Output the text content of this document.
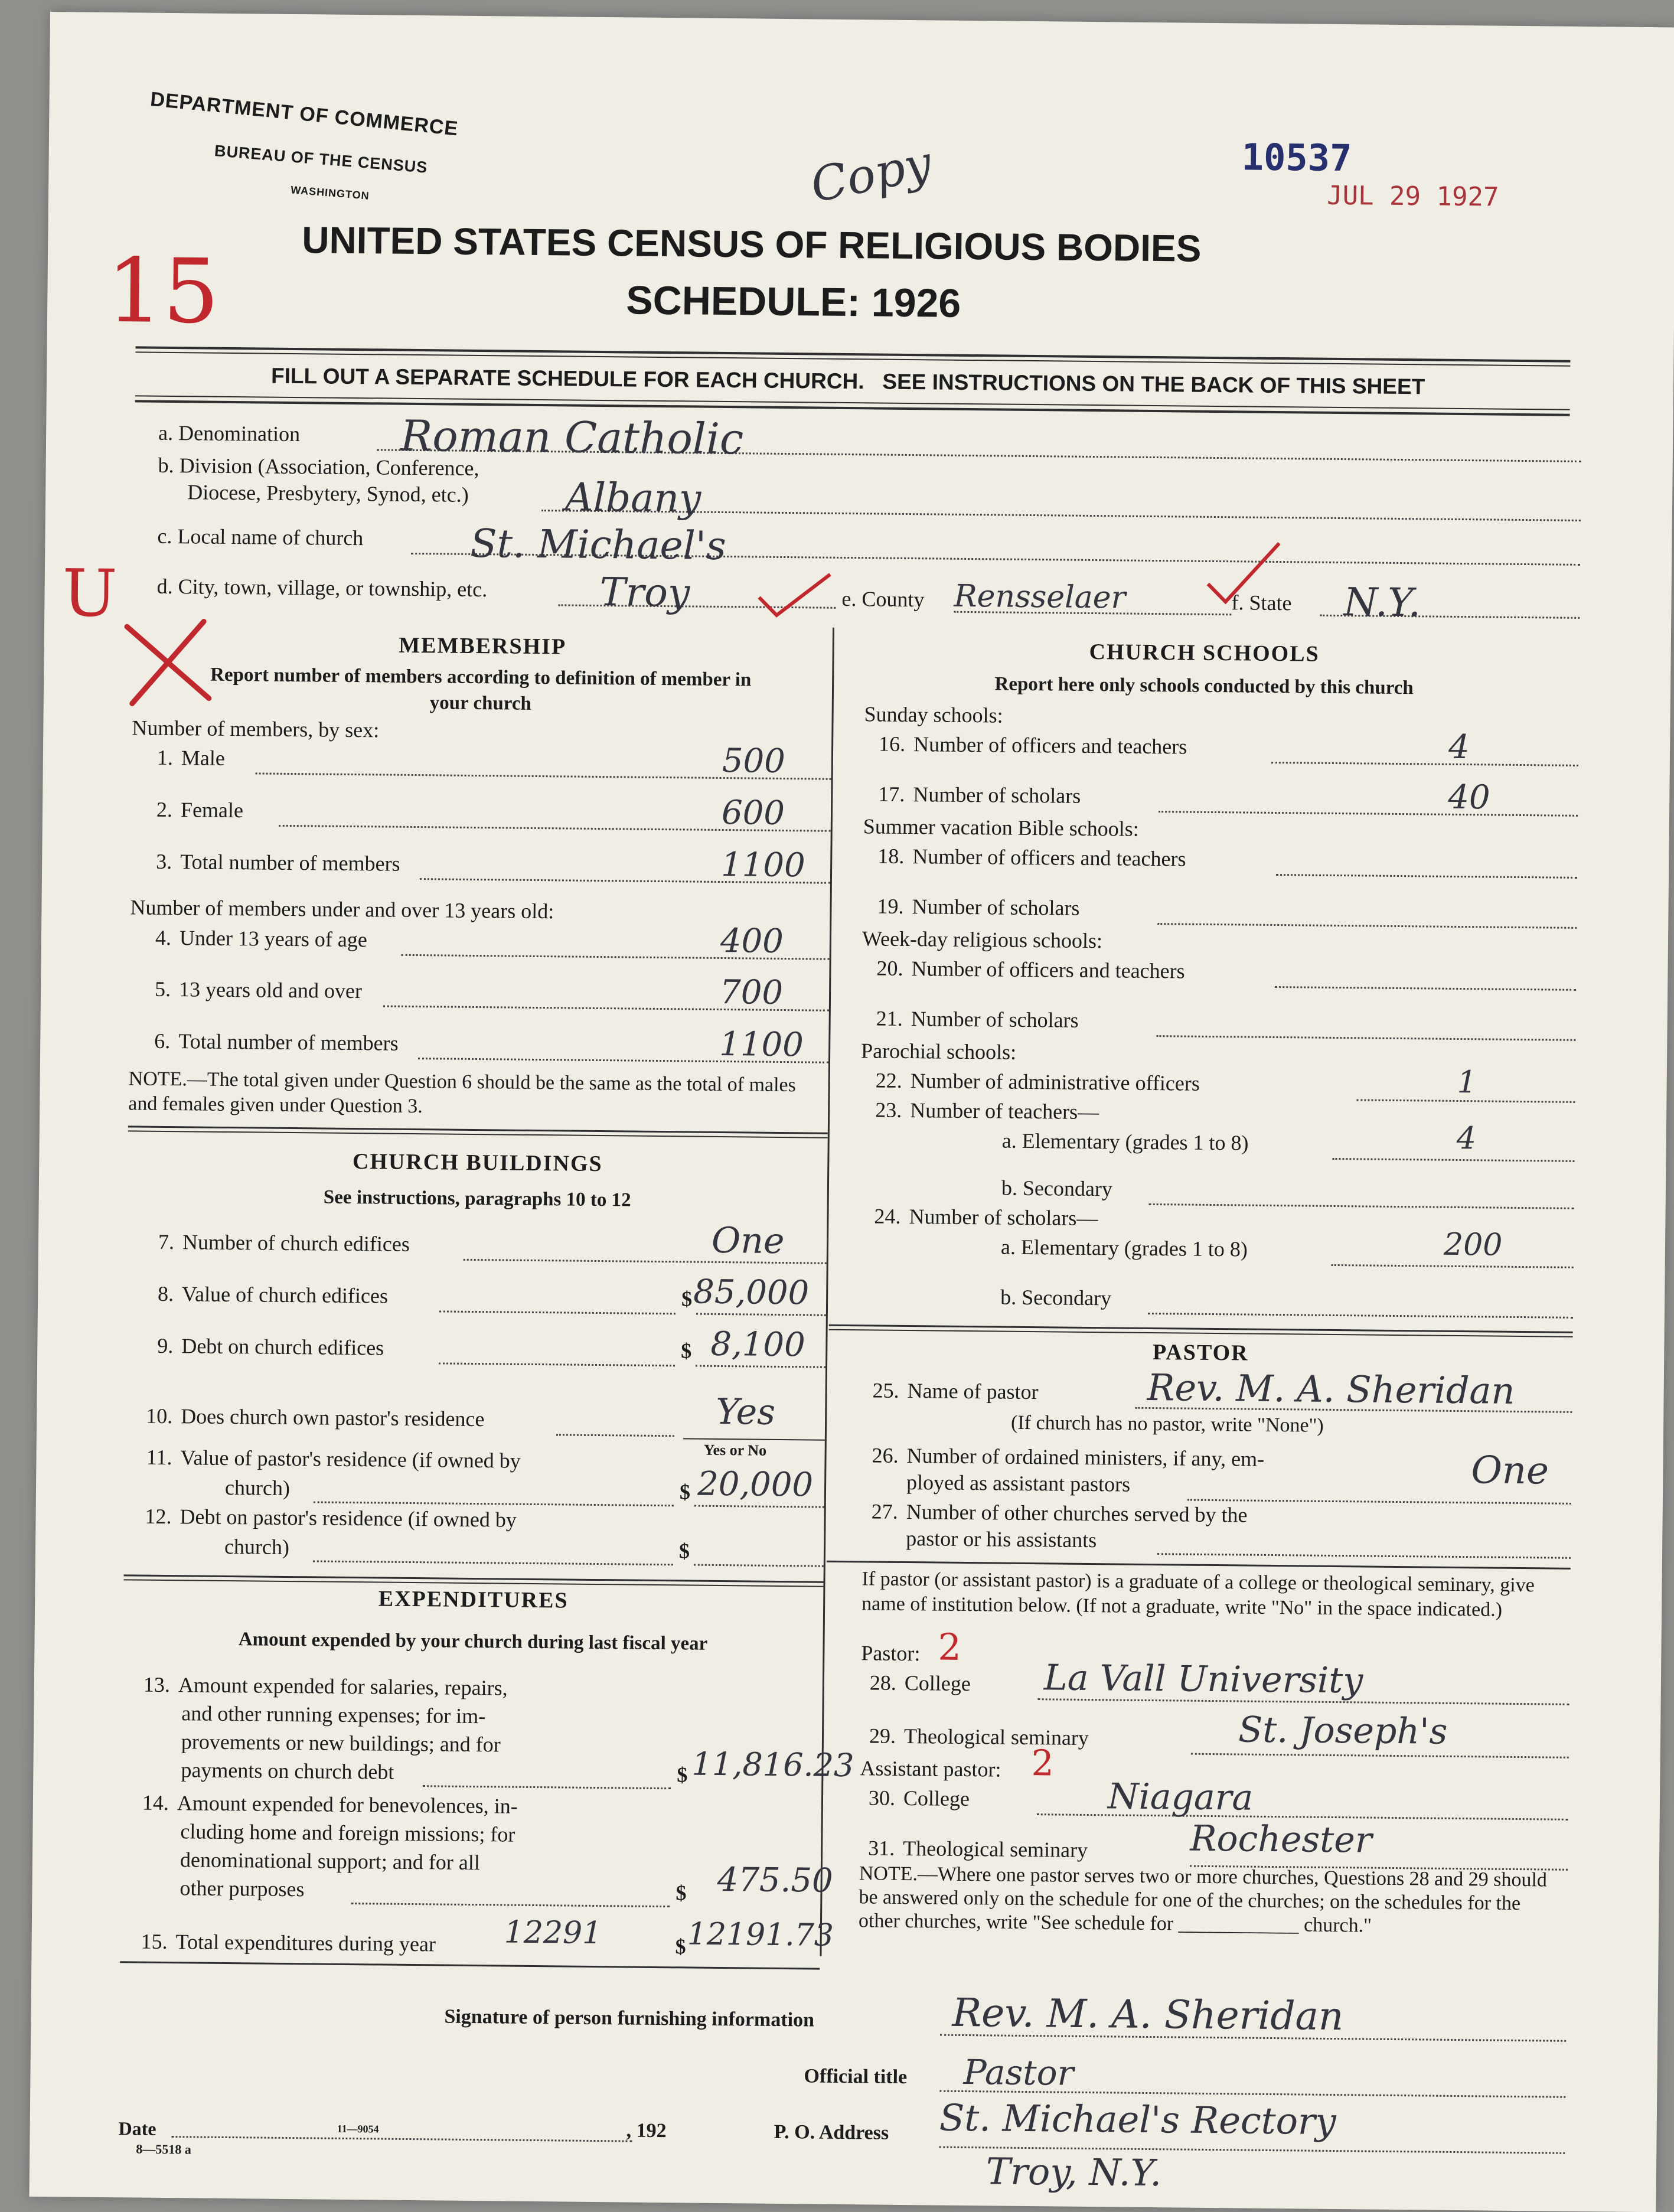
DEPARTMENT OF COMMERCE
BUREAU OF THE CENSUS
WASHINGTON
UNITED STATES CENSUS OF RELIGIOUS BODIES
SCHEDULE: 1926
10537
JUL 29 1927
Copy
15
U
FILL OUT A SEPARATE SCHEDULE FOR EACH CHURCH.   SEE INSTRUCTIONS ON THE BACK OF THIS SHEET
a. Denomination Roman Catholic
b. Division (Association, Conference,
Diocese, Presbytery, Synod, etc.) Albany
c. Local name of church	St. Michael's
d. City, town, village, or township, etc.	Troy	e. County Rensselaer	f. State N.Y.
MEMBERSHIP
Report number of members according to definition of member in your church
Number of members, by sex:
1. Male	500
2. Female	600
3. Total number of members	1100
Number of members under and over 13 years old:
4. Under 13 years of age	400
5. 13 years old and over	700
6. Total number of members	1100
NOTE.—The total given under Question 6 should be the same as the total of males and females given under Question 3.
CHURCH BUILDINGS
See instructions, paragraphs 10 to 12
7. Number of church edifices	One
8. Value of church edifices	$ 85,000
9. Debt on church edifices	$ 8,100
10. Does church own pastor's residence	Yes
Yes or No
11. Value of pastor's residence (if owned by
church)	$ 20,000
12. Debt on pastor's residence (if owned by
church)	$
EXPENDITURES
Amount expended by your church during last fiscal year
13. Amount expended for salaries, repairs,
and other running expenses; for im-
provements or new buildings; and for
payments on church debt	$ 11,816.23
14. Amount expended for benevolences, in-
cluding home and foreign missions; for
denominational support; and for all
other purposes	$ 475.50
15. Total expenditures during year 12291	$ 12191.73
CHURCH SCHOOLS
Report here only schools conducted by this church
Sunday schools:
16. Number of officers and teachers	4
17. Number of scholars	40
Summer vacation Bible schools:
18. Number of officers and teachers
19. Number of scholars
Week-day religious schools:
20. Number of officers and teachers
21. Number of scholars
Parochial schools:
22. Number of administrative officers	1
23. Number of teachers—
a. Elementary (grades 1 to 8)	4
b. Secondary
24. Number of scholars—
a. Elementary (grades 1 to 8)	200
b. Secondary
PASTOR
25. Name of pastor	Rev. M. A. Sheridan
(If church has no pastor, write "None")
26. Number of ordained ministers, if any, em-
ployed as assistant pastors	One
27. Number of other churches served by the
pastor or his assistants
If pastor (or assistant pastor) is a graduate of a college or theological seminary, give name of institution below. (If not a graduate, write "No" in the space indicated.)
Pastor: 2
28. College La Vall University
29. Theological seminary	St. Joseph's
Assistant pastor: 2
30. College	Niagara
31. Theological seminary	Rochester
NOTE.—Where one pastor serves two or more churches, Questions 28 and 29 should be answered only on the schedule for one of the churches; on the schedules for the other churches, write "See schedule for ____________ church."
Signature of person furnishing information	Rev. M. A. Sheridan
Official title Pastor
P. O. Address St. Michael's Rectory
Troy, N.Y.
Date	, 192
8—5518 a
11—9054
